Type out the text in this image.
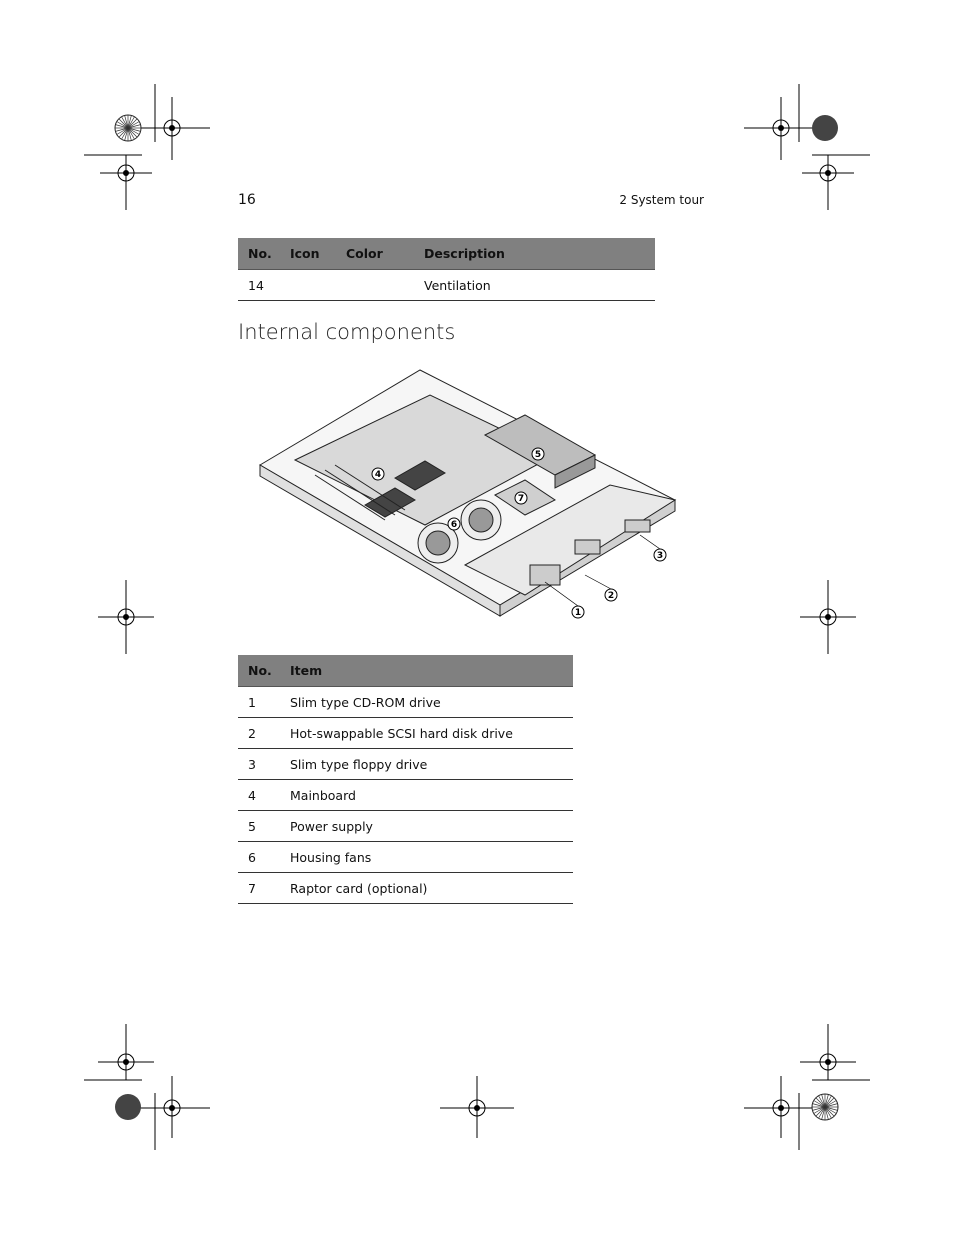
16	2 System tour
No.	Icon	Color	Description
14			Ventilation
Internal components
1
2
3
4
5
6
7
No.	Item
1	Slim type CD-ROM drive
2	Hot-swappable SCSI hard disk drive
3	Slim type floppy drive
4	Mainboard
5	Power supply
6	Housing fans
7	Raptor card (optional)
